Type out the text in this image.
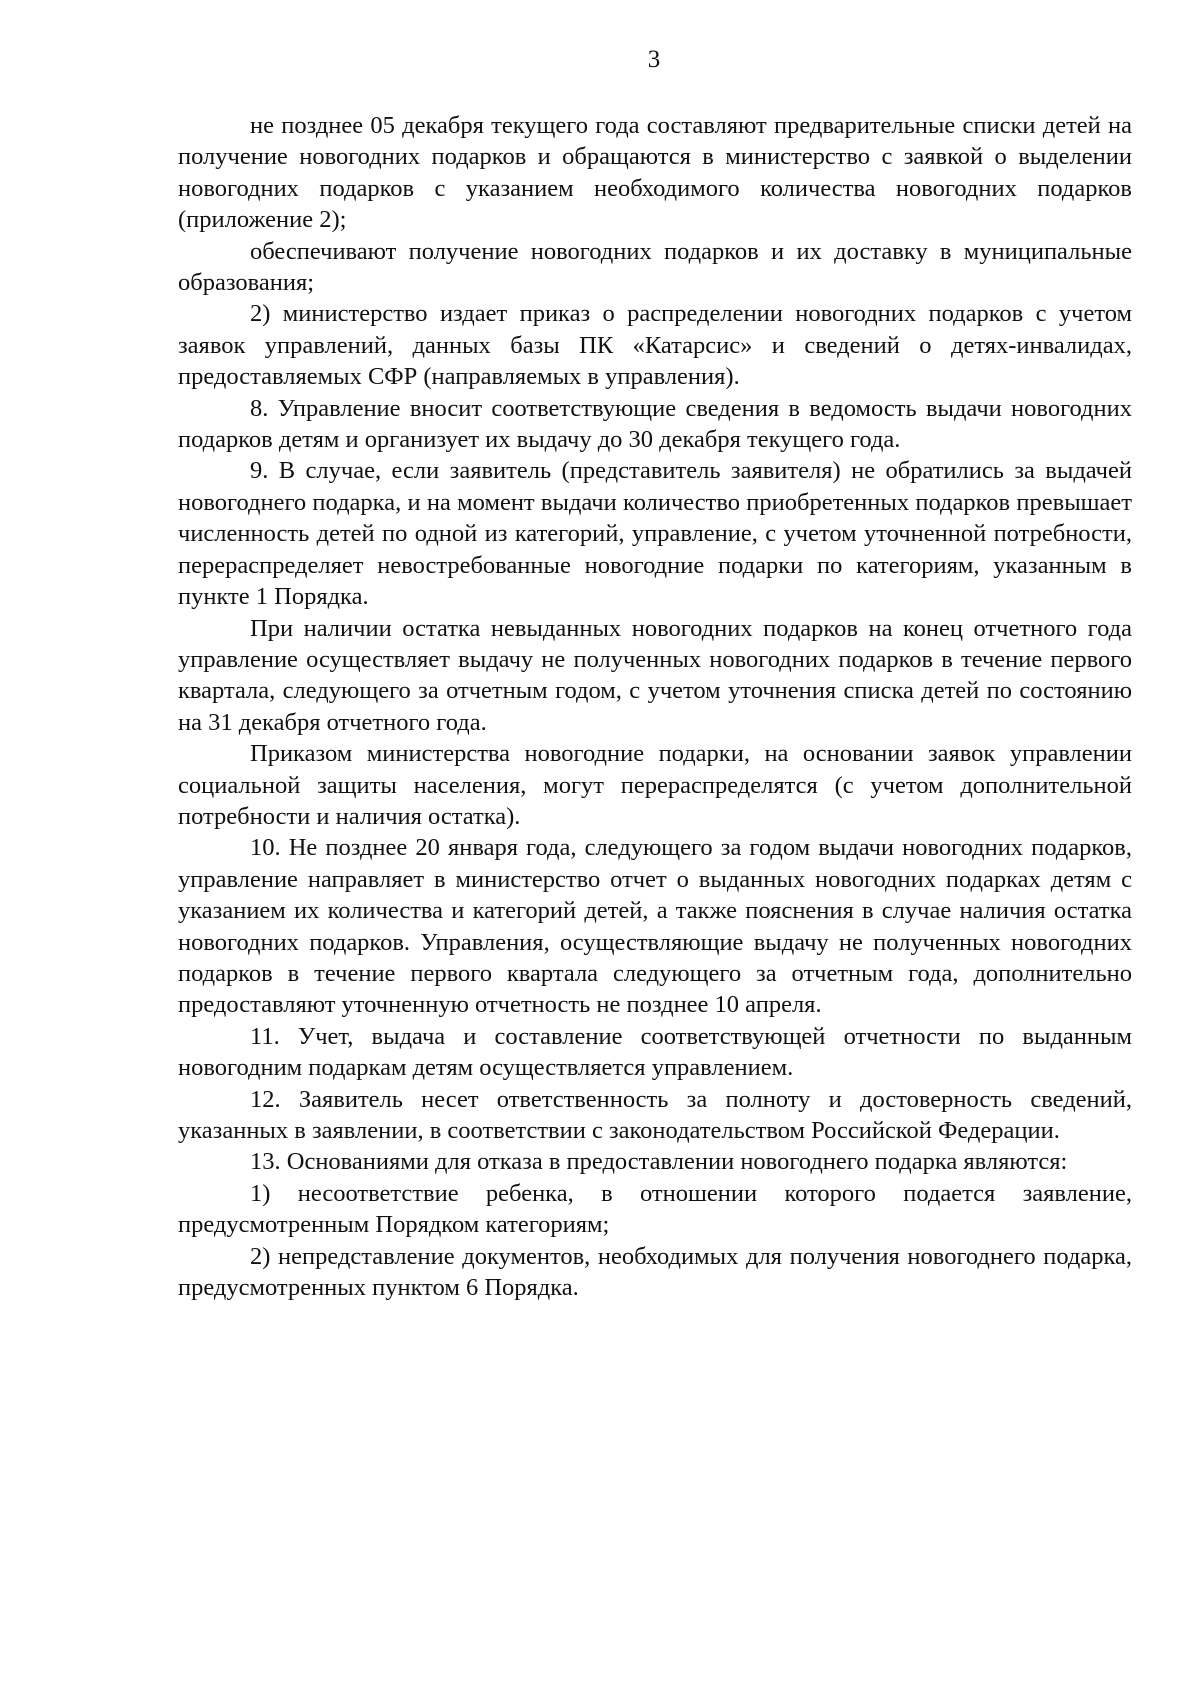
3

не позднее 05 декабря текущего года составляют предварительные списки детей на получение новогодних подарков и обращаются в министерство с заявкой о выделении новогодних подарков с указанием необходимого количества новогодних подарков (приложение 2);

обеспечивают получение новогодних подарков и их доставку в муниципальные образования;

2) министерство издает приказ о распределении новогодних подарков с учетом заявок управлений, данных базы ПК «Катарсис» и сведений о детях-инвалидах, предоставляемых СФР (направляемых в управления).

8. Управление вносит соответствующие сведения в ведомость выдачи новогодних подарков детям и организует их выдачу до 30 декабря текущего года.

9. В случае, если заявитель (представитель заявителя) не обратились за выдачей новогоднего подарка, и на момент выдачи количество приобретенных подарков превышает численность детей по одной из категорий, управление, с учетом уточненной потребности, перераспределяет невостребованные новогодние подарки по категориям, указанным в пункте 1 Порядка.

При наличии остатка невыданных новогодних подарков на конец отчетного года управление осуществляет выдачу не полученных новогодних подарков в течение первого квартала, следующего за отчетным годом, с учетом уточнения списка детей по состоянию на 31 декабря отчетного года.

Приказом министерства новогодние подарки, на основании заявок управлении социальной защиты населения, могут перераспределятся (с учетом дополнительной потребности и наличия остатка).

10. Не позднее 20 января года, следующего за годом выдачи новогодних подарков, управление направляет в министерство отчет о выданных новогодних подарках детям с указанием их количества и категорий детей, а также пояснения в случае наличия остатка новогодних подарков. Управления, осуществляющие выдачу не полученных новогодних подарков в течение первого квартала следующего за отчетным года, дополнительно предоставляют уточненную отчетность не позднее 10 апреля.

11. Учет, выдача и составление соответствующей отчетности по выданным новогодним подаркам детям осуществляется управлением.

12. Заявитель несет ответственность за полноту и достоверность сведений, указанных в заявлении, в соответствии с законодательством Российской Федерации.

13. Основаниями для отказа в предоставлении новогоднего подарка являются:

1) несоответствие ребенка, в отношении которого подается заявление, предусмотренным Порядком категориям;

2) непредставление документов, необходимых для получения новогоднего подарка, предусмотренных пунктом 6 Порядка.
